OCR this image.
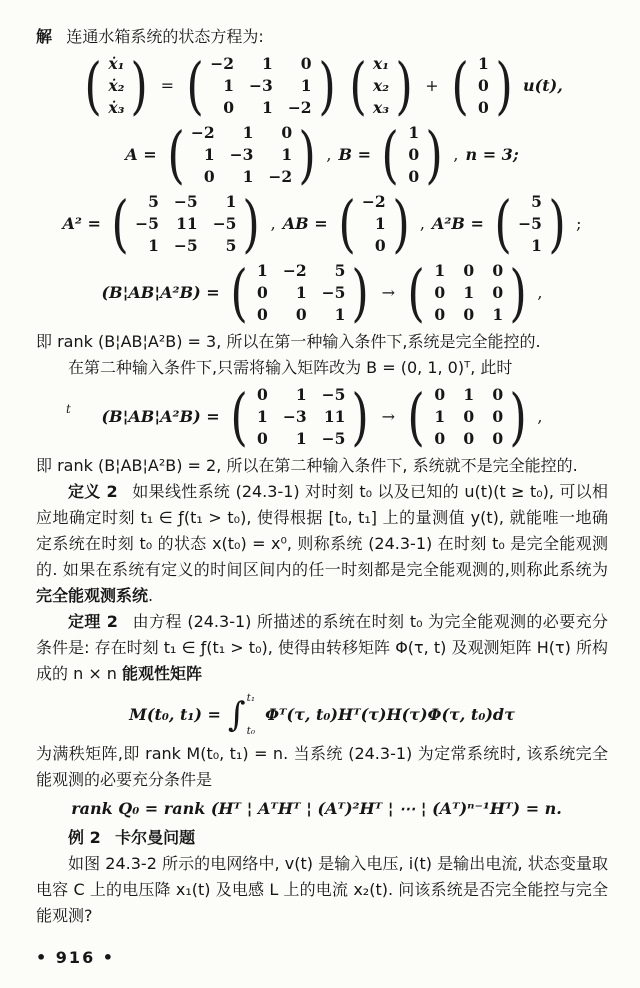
解 连通水箱系统的状态方程为:

( ẋ₁
ẋ₂
ẋ₃ ) = ( −2	1	0
1 −3	1
0	1 −2 ) ( x₁
x₂
x₃ ) + ( 1
0
0 ) u(t),
A = ( −2	1	0
1 −3	1
0	1 −2 ) , B = ( 1
0
0 ) , n = 3;
A² = (	5 −5	1
−5 11 −5
1 −5	5 ) , AB = ( −2
1
0 ) , A²B = (	5
−5
1 ) ;
(B¦AB¦A²B) = ( 1 −2	5
0	1 −5
0	0	1 ) → ( 1 0 0
0 1 0
0 0 1 ) ,

即 rank (B¦AB¦A²B) = 3, 所以在第一种输入条件下,系统是完全能控的.

在第二种输入条件下,只需将输入矩阵改为 B = (0, 1, 0)ᵀ, 此时

(B¦AB¦A²B) = ( 0	1 −5
1 −3 11
0	1 −5 ) → ( 0 1 0
1 0 0
0 0 0 ) ,

即 rank (B¦AB¦A²B) = 2, 所以在第二种输入条件下, 系统就不是完全能控的.

定义 2 如果线性系统 (24.3-1) 对时刻 t₀ 以及已知的 u(t)(t ≥ t₀), 可以相应地确定时刻 t₁ ∈ ƒ(t₁ > t₀), 使得根据 [t₀, t₁] 上的量测值 y(t), 就能唯一地确定系统在时刻 t₀ 的状态 x(t₀) = x⁰, 则称系统 (24.3-1) 在时刻 t₀ 是完全能观测的. 如果在系统有定义的时间区间内的任一时刻都是完全能观测的,则称此系统为完全能观测系统.

定理 2 由方程 (24.3-1) 所描述的系统在时刻 t₀ 为完全能观测的必要充分条件是: 存在时刻 t₁ ∈ ƒ(t₁ > t₀), 使得由转移矩阵 Φ(τ, t) 及观测矩阵 H(τ) 所构成的 n × n 能观性矩阵

M(t₀, t₁) = ∫ t₁
t₀
Φᵀ(τ, t₀)Hᵀ(τ)H(τ)Φ(τ, t₀)dτ

为满秩矩阵,即 rank M(t₀, t₁) = n. 当系统 (24.3-1) 为定常系统时, 该系统完全能观测的必要充分条件是

rank Q₀ = rank (Hᵀ ¦ AᵀHᵀ ¦ (Aᵀ)²Hᵀ ¦ ⋯ ¦ (Aᵀ)ⁿ⁻¹Hᵀ) = n.

例 2 卡尔曼问题

如图 24.3-2 所示的电网络中, v(t) 是输入电压, i(t) 是输出电流, 状态变量取电容 C 上的电压降 x₁(t) 及电感 L 上的电流 x₂(t). 问该系统是否完全能控与完全能观测?

• 916 •

t
